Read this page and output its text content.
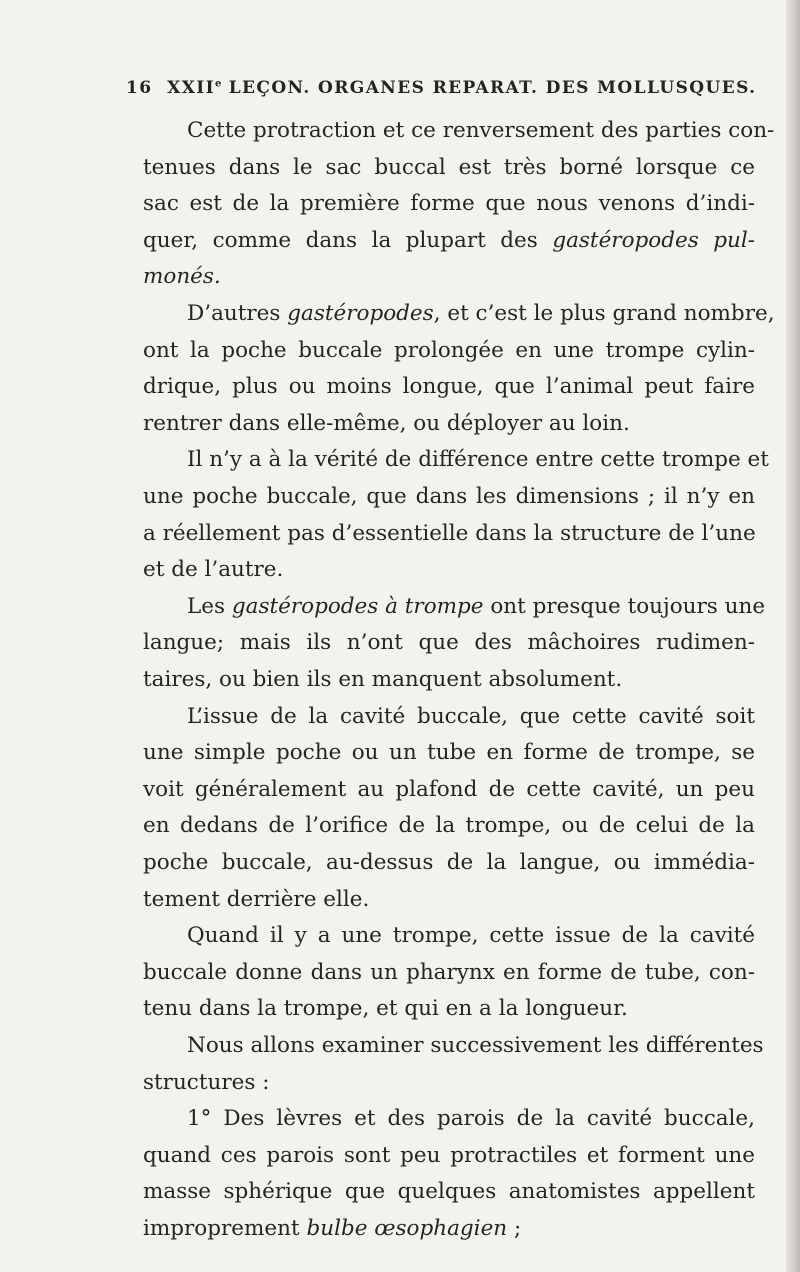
16 XXIIe LEÇON. ORGANES REPARAT. DES MOLLUSQUES.
Cette protraction et ce renversement des parties con-
tenues dans le sac buccal est très borné lorsque ce
sac est de la première forme que nous venons d’indi-
quer, comme dans la plupart des gastéropodes pul-
monés.
D’autres gastéropodes, et c’est le plus grand nombre,
ont la poche buccale prolongée en une trompe cylin-
drique, plus ou moins longue, que l’animal peut faire
rentrer dans elle-même, ou déployer au loin.
Il n’y a à la vérité de différence entre cette trompe et
une poche buccale, que dans les dimensions ; il n’y en
a réellement pas d’essentielle dans la structure de l’une
et de l’autre.
Les gastéropodes à trompe ont presque toujours une
langue; mais ils n’ont que des mâchoires rudimen-
taires, ou bien ils en manquent absolument.
L’issue de la cavité buccale, que cette cavité soit
une simple poche ou un tube en forme de trompe, se
voit généralement au plafond de cette cavité, un peu
en dedans de l’orifice de la trompe, ou de celui de la
poche buccale, au-dessus de la langue, ou immédia-
tement derrière elle.
Quand il y a une trompe, cette issue de la cavité
buccale donne dans un pharynx en forme de tube, con-
tenu dans la trompe, et qui en a la longueur.
Nous allons examiner successivement les différentes
structures :
1° Des lèvres et des parois de la cavité buccale,
quand ces parois sont peu protractiles et forment une
masse sphérique que quelques anatomistes appellent
improprement bulbe œsophagien ;
